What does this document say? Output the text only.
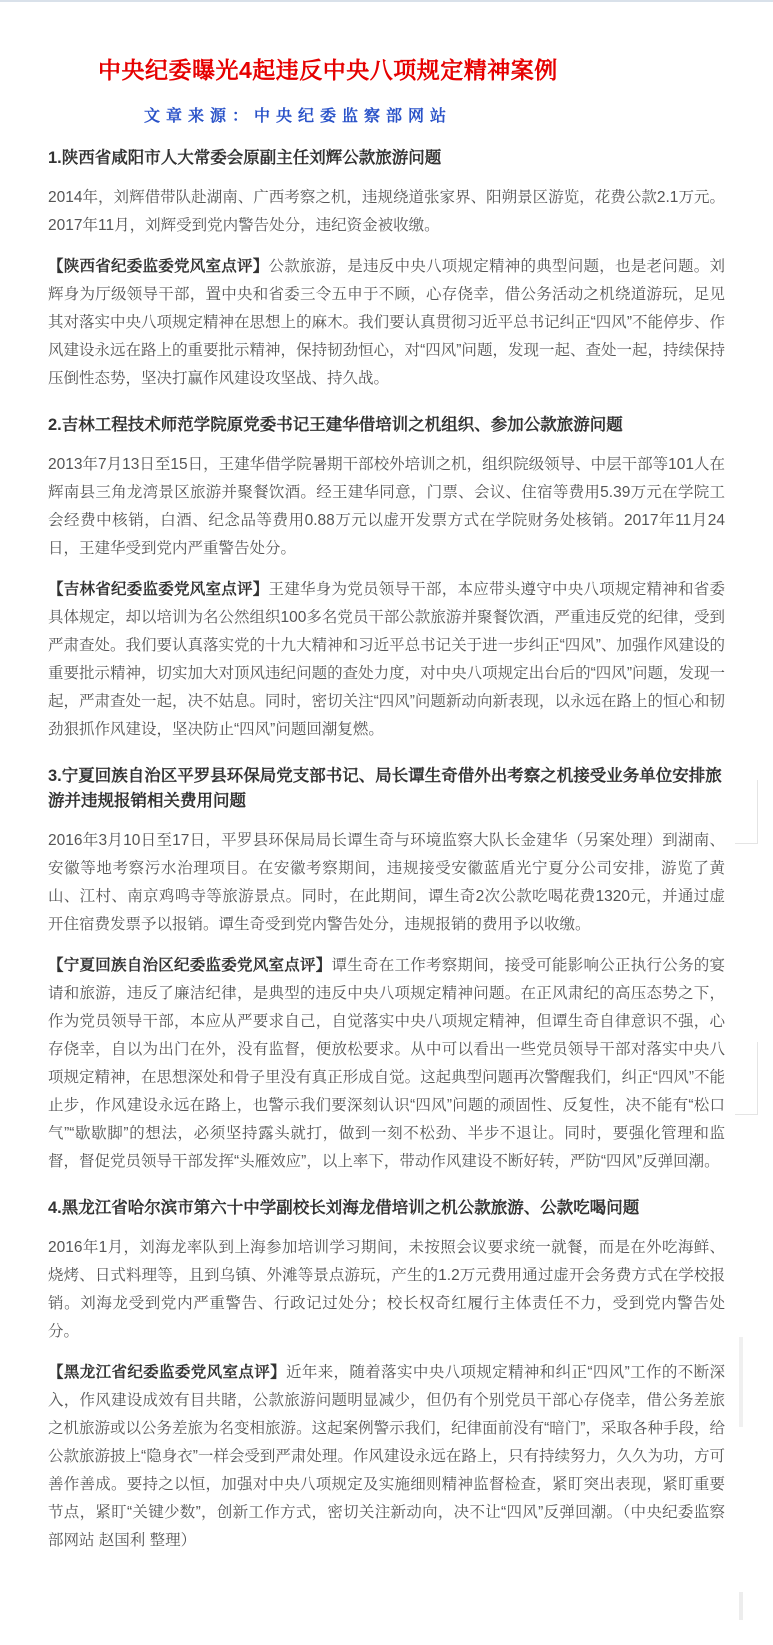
中央纪委曝光4起违反中央八项规定精神案例
文章来源：中央纪委监察部网站
1.陕西省咸阳市人大常委会原副主任刘辉公款旅游问题

2014年，刘辉借带队赴湖南、广西考察之机，违规绕道张家界、阳朔景区游览，花费公款2.1万元。2017年11月，刘辉受到党内警告处分，违纪资金被收缴。

【陕西省纪委监委党风室点评】公款旅游，是违反中央八项规定精神的典型问题，也是老问题。刘辉身为厅级领导干部，置中央和省委三令五申于不顾，心存侥幸，借公务活动之机绕道游玩，足见其对落实中央八项规定精神在思想上的麻木。我们要认真贯彻习近平总书记纠正“四风”不能停步、作风建设永远在路上的重要批示精神，保持韧劲恒心，对“四风”问题，发现一起、查处一起，持续保持压倒性态势，坚决打赢作风建设攻坚战、持久战。

2.吉林工程技术师范学院原党委书记王建华借培训之机组织、参加公款旅游问题

2013年7月13日至15日，王建华借学院暑期干部校外培训之机，组织院级领导、中层干部等101人在辉南县三角龙湾景区旅游并聚餐饮酒。经王建华同意，门票、会议、住宿等费用5.39万元在学院工会经费中核销，白酒、纪念品等费用0.88万元以虚开发票方式在学院财务处核销。2017年11月24日，王建华受到党内严重警告处分。

【吉林省纪委监委党风室点评】王建华身为党员领导干部，本应带头遵守中央八项规定精神和省委具体规定，却以培训为名公然组织100多名党员干部公款旅游并聚餐饮酒，严重违反党的纪律，受到严肃查处。我们要认真落实党的十九大精神和习近平总书记关于进一步纠正“四风”、加强作风建设的重要批示精神，切实加大对顶风违纪问题的查处力度，对中央八项规定出台后的“四风”问题，发现一起，严肃查处一起，决不姑息。同时，密切关注“四风”问题新动向新表现，以永远在路上的恒心和韧劲狠抓作风建设，坚决防止“四风”问题回潮复燃。

3.宁夏回族自治区平罗县环保局党支部书记、局长谭生奇借外出考察之机接受业务单位安排旅游并违规报销相关费用问题

2016年3月10日至17日，平罗县环保局局长谭生奇与环境监察大队长金建华（另案处理）到湖南、安徽等地考察污水治理项目。在安徽考察期间，违规接受安徽蓝盾光宁夏分公司安排，游览了黄山、江村、南京鸡鸣寺等旅游景点。同时，在此期间，谭生奇2次公款吃喝花费1320元，并通过虚开住宿费发票予以报销。谭生奇受到党内警告处分，违规报销的费用予以收缴。

【宁夏回族自治区纪委监委党风室点评】谭生奇在工作考察期间，接受可能影响公正执行公务的宴请和旅游，违反了廉洁纪律，是典型的违反中央八项规定精神问题。在正风肃纪的高压态势之下，作为党员领导干部，本应从严要求自己，自觉落实中央八项规定精神，但谭生奇自律意识不强，心存侥幸，自以为出门在外，没有监督，便放松要求。从中可以看出一些党员领导干部对落实中央八项规定精神，在思想深处和骨子里没有真正形成自觉。这起典型问题再次警醒我们，纠正“四风”不能止步，作风建设永远在路上，也警示我们要深刻认识“四风”问题的顽固性、反复性，决不能有“松口气”“歇歇脚”的想法，必须坚持露头就打，做到一刻不松劲、半步不退让。同时，要强化管理和监督，督促党员领导干部发挥“头雁效应”，以上率下，带动作风建设不断好转，严防“四风”反弹回潮。

4.黑龙江省哈尔滨市第六十中学副校长刘海龙借培训之机公款旅游、公款吃喝问题

2016年1月，刘海龙率队到上海参加培训学习期间，未按照会议要求统一就餐，而是在外吃海鲜、烧烤、日式料理等，且到乌镇、外滩等景点游玩，产生的1.2万元费用通过虚开会务费方式在学校报销。刘海龙受到党内严重警告、行政记过处分；校长权奇红履行主体责任不力，受到党内警告处分。

【黑龙江省纪委监委党风室点评】近年来，随着落实中央八项规定精神和纠正“四风”工作的不断深入，作风建设成效有目共睹，公款旅游问题明显减少，但仍有个别党员干部心存侥幸，借公务差旅之机旅游或以公务差旅为名变相旅游。这起案例警示我们，纪律面前没有“暗门”，采取各种手段，给公款旅游披上“隐身衣”一样会受到严肃处理。作风建设永远在路上，只有持续努力，久久为功，方可善作善成。要持之以恒，加强对中央八项规定及实施细则精神监督检查，紧盯突出表现，紧盯重要节点，紧盯“关键少数”，创新工作方式，密切关注新动向，决不让“四风”反弹回潮。（中央纪委监察部网站 赵国利 整理）
